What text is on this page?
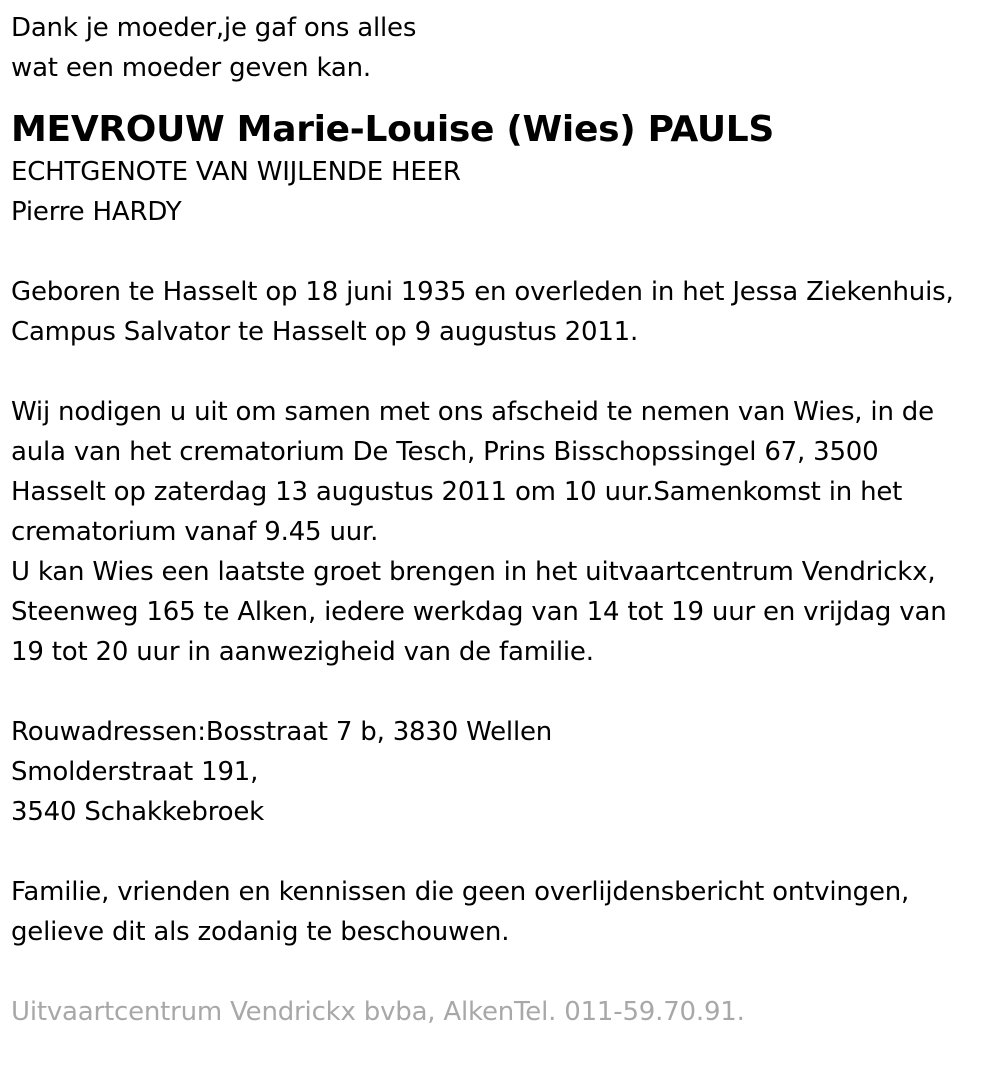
Dank je moeder,je gaf ons alles
wat een moeder geven kan.
MEVROUW Marie-Louise (Wies) PAULS
ECHTGENOTE VAN WIJLENDE HEER
Pierre HARDY
Geboren te Hasselt op 18 juni 1935 en overleden in het Jessa Ziekenhuis,
Campus Salvator te Hasselt op 9 augustus 2011.
Wij nodigen u uit om samen met ons afscheid te nemen van Wies, in de
aula van het crematorium De Tesch, Prins Bisschopssingel 67, 3500
Hasselt op zaterdag 13 augustus 2011 om 10 uur.Samenkomst in het
crematorium vanaf 9.45 uur.
U kan Wies een laatste groet brengen in het uitvaartcentrum Vendrickx,
Steenweg 165 te Alken, iedere werkdag van 14 tot 19 uur en vrijdag van
19 tot 20 uur in aanwezigheid van de familie.
Rouwadressen:Bosstraat 7 b, 3830 Wellen
Smolderstraat 191,
3540 Schakkebroek
Familie, vrienden en kennissen die geen overlijdensbericht ontvingen,
gelieve dit als zodanig te beschouwen.
Uitvaartcentrum Vendrickx bvba, AlkenTel. 011-59.70.91.
